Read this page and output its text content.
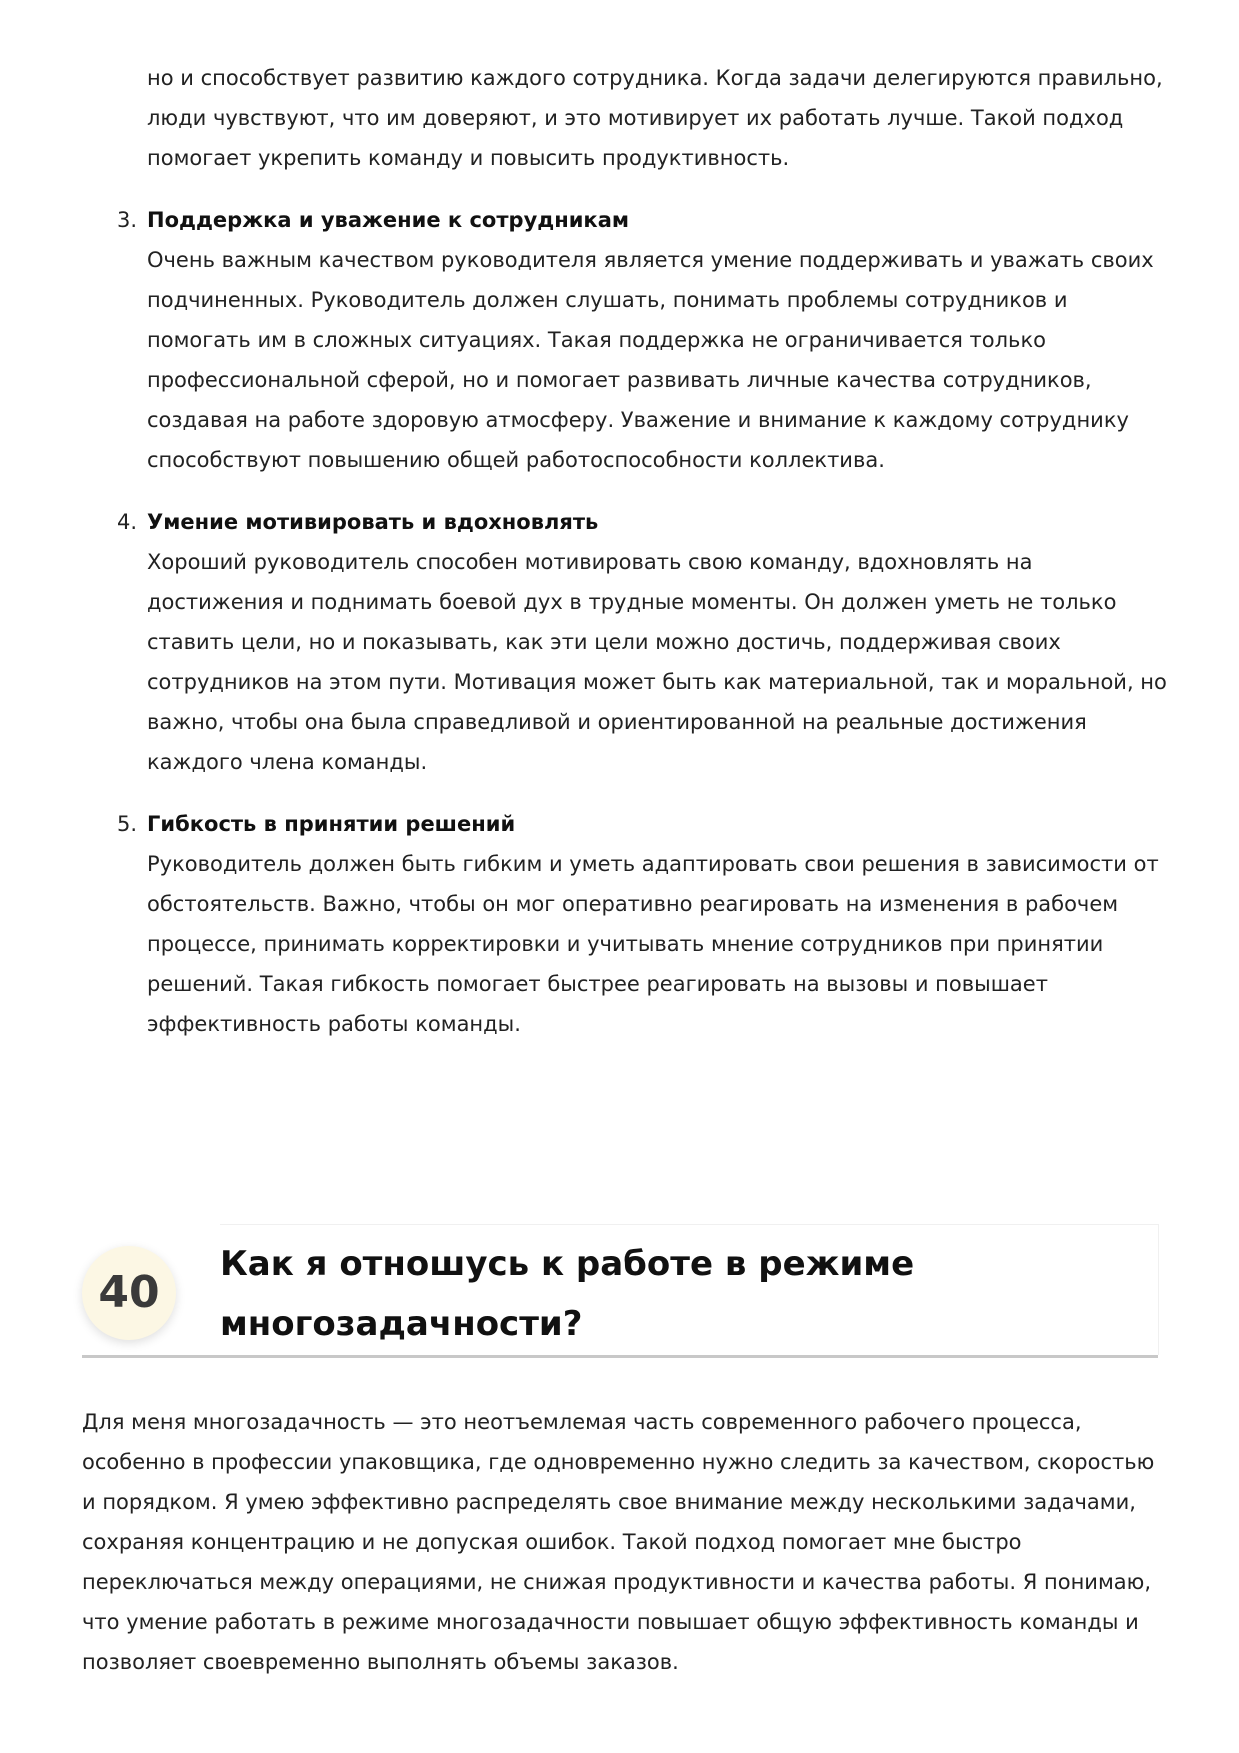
но и способствует развитию каждого сотрудника. Когда задачи делегируются правильно, люди чувствуют, что им доверяют, и это мотивирует их работать лучше. Такой подход помогает укрепить команду и повысить продуктивность.
3. Поддержка и уважение к сотрудникам
Очень важным качеством руководителя является умение поддерживать и уважать своих подчиненных. Руководитель должен слушать, понимать проблемы сотрудников и помогать им в сложных ситуациях. Такая поддержка не ограничивается только профессиональной сферой, но и помогает развивать личные качества сотрудников, создавая на работе здоровую атмосферу. Уважение и внимание к каждому сотруднику способствуют повышению общей работоспособности коллектива.
4. Умение мотивировать и вдохновлять
Хороший руководитель способен мотивировать свою команду, вдохновлять на достижения и поднимать боевой дух в трудные моменты. Он должен уметь не только ставить цели, но и показывать, как эти цели можно достичь, поддерживая своих сотрудников на этом пути. Мотивация может быть как материальной, так и моральной, но важно, чтобы она была справедливой и ориентированной на реальные достижения каждого члена команды.
5. Гибкость в принятии решений
Руководитель должен быть гибким и уметь адаптировать свои решения в зависимости от обстоятельств. Важно, чтобы он мог оперативно реагировать на изменения в рабочем процессе, принимать корректировки и учитывать мнение сотрудников при принятии решений. Такая гибкость помогает быстрее реагировать на вызовы и повышает эффективность работы команды.
40
Как я отношусь к работе в режиме многозадачности?

Для меня многозадачность — это неотъемлемая часть современного рабочего процесса, особенно в профессии упаковщика, где одновременно нужно следить за качеством, скоростью и порядком. Я умею эффективно распределять свое внимание между несколькими задачами, сохраняя концентрацию и не допуская ошибок. Такой подход помогает мне быстро переключаться между операциями, не снижая продуктивности и качества работы. Я понимаю, что умение работать в режиме многозадачности повышает общую эффективность команды и позволяет своевременно выполнять объемы заказов.
